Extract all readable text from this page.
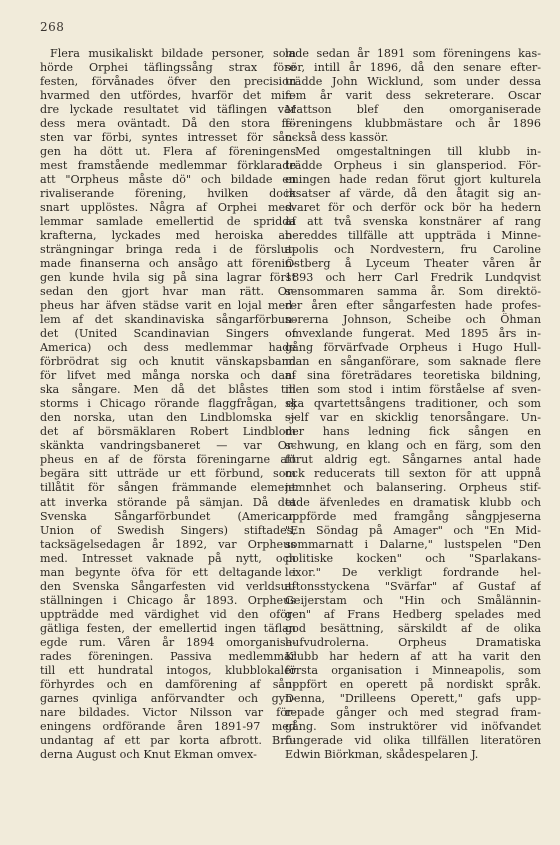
268
Flera musikaliskt bildade personer, som
hörde Orphei täflingssång strax före
festen, förvånades öfver den precision
hvarmed den utfördes, hvarför det min-
dre lyckade resultatet vid täflingen var
dess mera oväntadt. Då den stora fe-
sten var förbi, syntes intresset för sån-
gen ha dött ut. Flera af föreningens
mest framstående medlemmar förklarade
att "Orpheus måste dö" och bildade en
rivaliserande förening, hvilken dock
snart upplöstes. Några af Orphei med-
lemmar samlade emellertid de spridda
krafterna, lyckades med heroiska an-
strängningar bringa reda i de förslut-
made finanserna och ansågo att förenin-
gen kunde hvila sig på sina lagrar först
sedan den gjort hvar man rätt. Or-
pheus har äfven städse varit en lojal med-
lem af det skandinaviska sångarförbun-
det (United Scandinavian Singers of
America) och dess medlemmar hade
förbrödrat sig och knutit vänskapsband
för lifvet med många norska och dan-
ska sångare. Men då det blåstes till
storms i Chicago rörande flaggfrågan, ej
den norska, utan den Lindblomska —
det af börsmäklaren Robert Lindblom
skänkta vandringsbaneret — var Or-
pheus en af de första föreningarne att
begära sitt utträde ur ett förbund, som
tillåtit för sången främmande element
att inverka störande på sämjan. Då det
Svenska Sångarförbundet (American
Union of Swedish Singers) stiftades,
tacksägelsedagen år 1892, var Orpheus
med. Intresset vaknade på nytt, och
man begynte öfva för ett deltagande i
den Svenska Sångarfesten vid verldsut-
ställningen i Chicago år 1893. Orpheus
uppträdde med värdighet vid den oför-
gätliga festen, der emellertid ingen täflan
egde rum. Våren år 1894 omorganise-
rades föreningen. Passiva medlemmar
till ett hundratal intogos, klubblokaler
förhyrdes och en damförening af sån-
garnes qvinliga anförvandter och gyn-
nare bildades. Victor Nilsson var för-
eningens ordförande åren 1891-97 med
undantag af ett par korta afbrott. Brö-
derna August och Knut Ekman omvex-
lade sedan år 1891 som föreningens kas-
sör, intill år 1896, då den senare efter-
trädde John Wicklund, som under dessa
fem år varit dess sekreterare. Oscar
Mattson blef den omorganiserade
föreningens klubbmästare och år 1896
också dess kassör.
Med omgestaltningen till klubb in-
trädde Orpheus i sin glansperiod. För-
eningen hade redan förut gjort kulturela
insatser af värde, då den åtagit sig an-
svaret för och derför ock bör ha hedern
af att två svenska konstnärer af rang
bereddes tillfälle att uppträda i Minne-
apolis och Nordvestern, fru Caroline
Östberg å Lyceum Theater våren år
1893 och herr Carl Fredrik Lundqvist
sensommaren samma år. Som direktö-
rer åren efter sångarfesten hade profes-
sorerna Johnson, Scheibe och Öhman
omvexlande fungerat. Med 1895 års in-
gång förvärfvade Orpheus i Hugo Hull-
man en sånganförare, som saknade flere
af sina företrädares teoretiska bildning,
men som stod i intim förståelse af sven-
ska qvartettsångens traditioner, och som
sjelf var en skicklig tenorsångare. Un-
der hans ledning fick sången en
schwung, en klang och en färg, som den
förut aldrig egt. Sångarnes antal hade
ock reducerats till sexton för att uppnå
jemnhet och balansering. Orpheus stif-
tade äfvenledes en dramatisk klubb och
uppförde med framgång sångpjeserna
"En Söndag på Amager" och "En Mid-
sommarnatt i Dalarne," lustspelen "Den
politiske kocken" och "Sparlakans-
lexor." De verkligt fordrande hel-
aftonsstyckena "Svärfar" af Gustaf af
Geijerstam och "Hin och Smålännin-
gen" af Frans Hedberg spelades med
god besättning, särskildt af de olika
hufvudrolerna. Orpheus Dramatiska
Klubb har hedern af att ha varit den
första organisation i Minneapolis, som
uppfört en operett på nordiskt språk.
Denna, "Drilleens Operett," gafs upp-
repade gånger och med stegrad fram-
gång. Som instruktörer vid inöfvandet
fungerade vid olika tillfällen literatören
Edwin Biörkman, skådespelaren J.
